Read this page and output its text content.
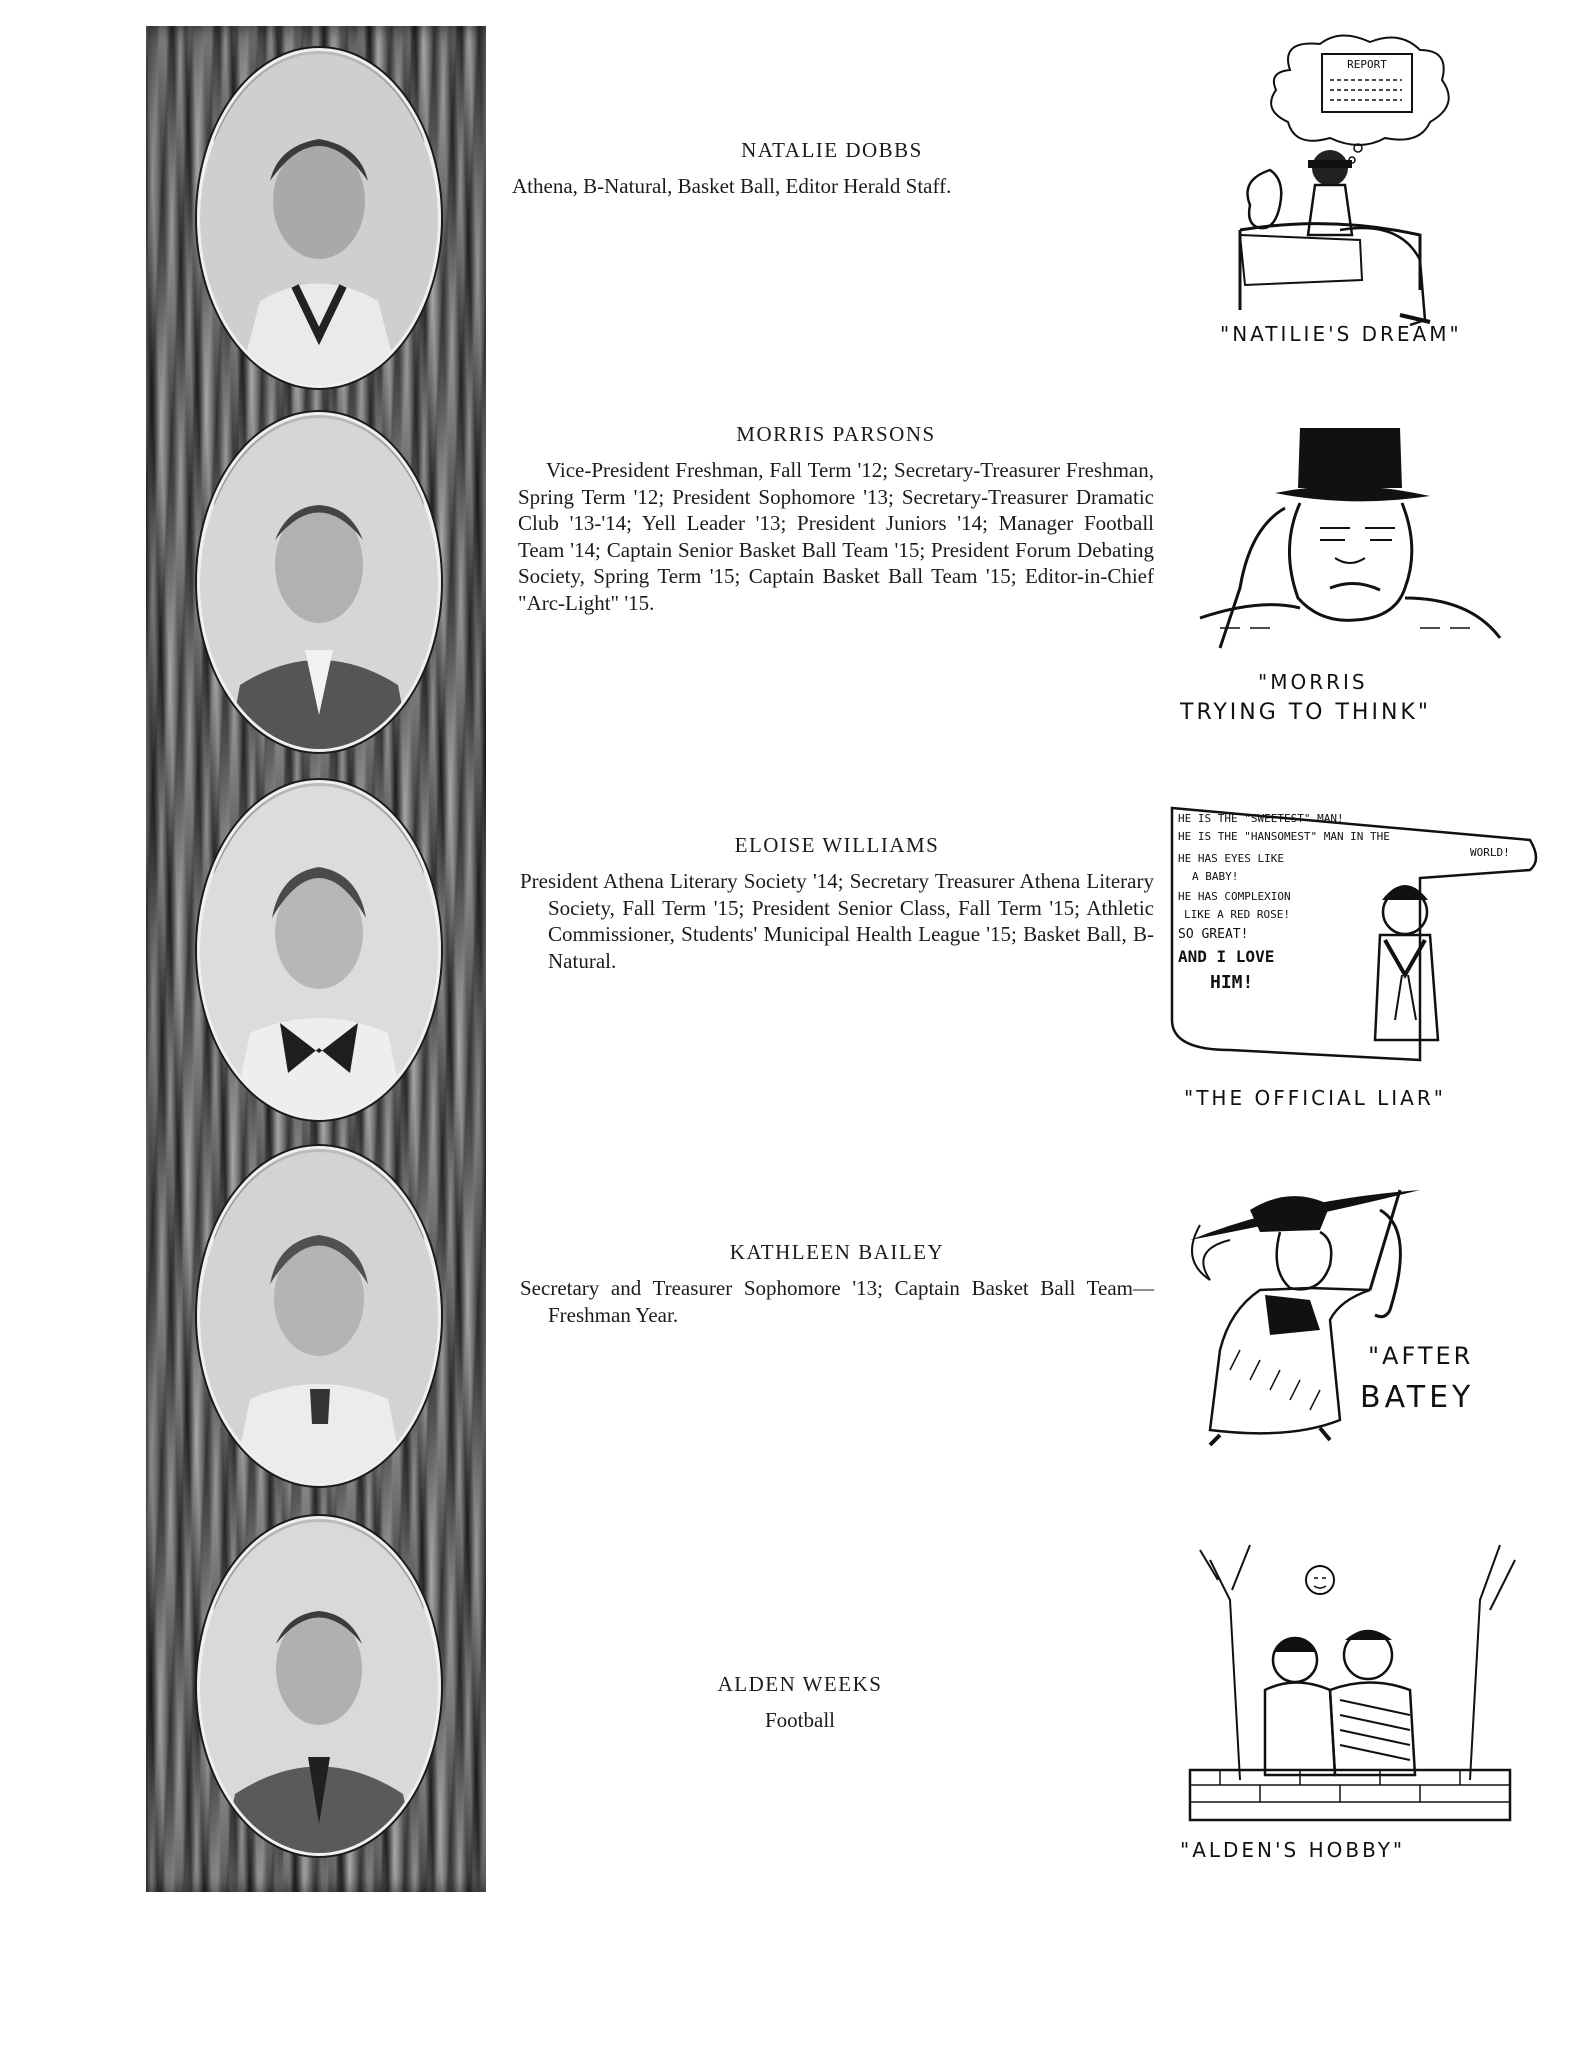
NATALIE DOBBS

Athena, B-Natural, Basket Ball, Editor Herald Staff.

MORRIS PARSONS

Vice-President Freshman, Fall Term '12; Secretary-Treasurer Freshman, Spring Term '12; President Sophomore '13; Secretary-Treasurer Dramatic Club '13-'14; Yell Leader '13; President Juniors '14; Manager Football Team '14; Captain Senior Basket Ball Team '15; President Forum Debating Society, Spring Term '15; Captain Basket Ball Team '15; Editor-in-Chief "Arc-Light" '15.

ELOISE WILLIAMS

President Athena Literary Society '14; Secretary Treasurer Athena Literary Society, Fall Term '15; President Senior Class, Fall Term '15; Athletic Commissioner, Students' Municipal Health League '15; Basket Ball, B-Natural.

KATHLEEN BAILEY

Secretary and Treasurer Sophomore '13; Captain Basket Ball Team—Freshman Year.

ALDEN WEEKS

Football

REPORT
"NATILIE'S DREAM"
"MORRIS
TRYING TO THINK"
HE IS THE "SWEETEST" MAN!
HE IS THE "HANSOMEST" MAN IN THE
WORLD!
HE HAS EYES LIKE
A BABY!
HE HAS COMPLEXION
LIKE A RED ROSE!
SO GREAT!
AND I LOVE
HIM!
"THE OFFICIAL LIAR"
"AFTER
BATEY
"ALDEN'S HOBBY"
